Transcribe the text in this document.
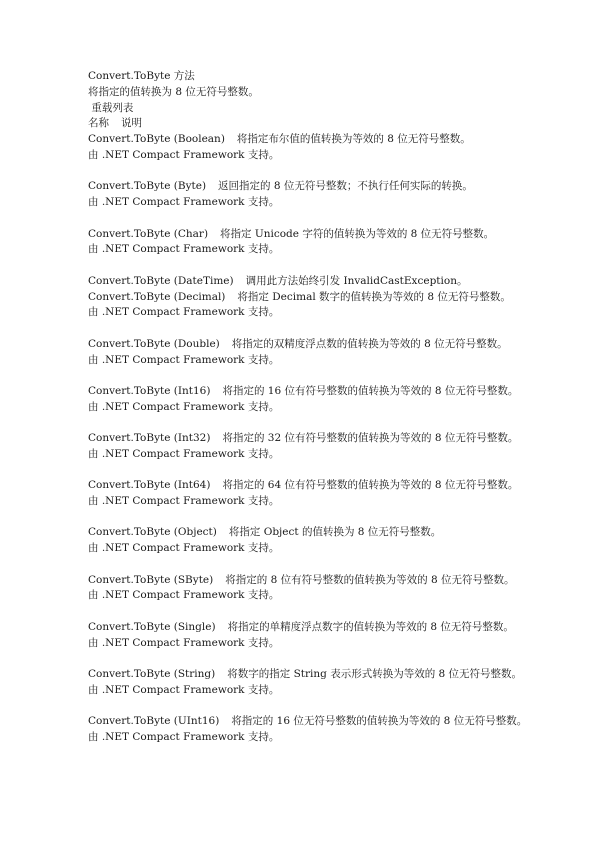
Convert.ToByte 方法
将指定的值转换为 8 位无符号整数。
重载列表
名称 说明
Convert.ToByte (Boolean) 将指定布尔值的值转换为等效的 8 位无符号整数。
由 .NET Compact Framework 支持。
Convert.ToByte (Byte) 返回指定的 8 位无符号整数；不执行任何实际的转换。
由 .NET Compact Framework 支持。
Convert.ToByte (Char) 将指定 Unicode 字符的值转换为等效的 8 位无符号整数。
由 .NET Compact Framework 支持。
Convert.ToByte (DateTime) 调用此方法始终引发 InvalidCastException。
Convert.ToByte (Decimal) 将指定 Decimal 数字的值转换为等效的 8 位无符号整数。
由 .NET Compact Framework 支持。
Convert.ToByte (Double) 将指定的双精度浮点数的值转换为等效的 8 位无符号整数。
由 .NET Compact Framework 支持。
Convert.ToByte (Int16) 将指定的 16 位有符号整数的值转换为等效的 8 位无符号整数。
由 .NET Compact Framework 支持。
Convert.ToByte (Int32) 将指定的 32 位有符号整数的值转换为等效的 8 位无符号整数。
由 .NET Compact Framework 支持。
Convert.ToByte (Int64) 将指定的 64 位有符号整数的值转换为等效的 8 位无符号整数。
由 .NET Compact Framework 支持。
Convert.ToByte (Object) 将指定 Object 的值转换为 8 位无符号整数。
由 .NET Compact Framework 支持。
Convert.ToByte (SByte) 将指定的 8 位有符号整数的值转换为等效的 8 位无符号整数。
由 .NET Compact Framework 支持。
Convert.ToByte (Single) 将指定的单精度浮点数字的值转换为等效的 8 位无符号整数。
由 .NET Compact Framework 支持。
Convert.ToByte (String) 将数字的指定 String 表示形式转换为等效的 8 位无符号整数。
由 .NET Compact Framework 支持。
Convert.ToByte (UInt16) 将指定的 16 位无符号整数的值转换为等效的 8 位无符号整数。
由 .NET Compact Framework 支持。
